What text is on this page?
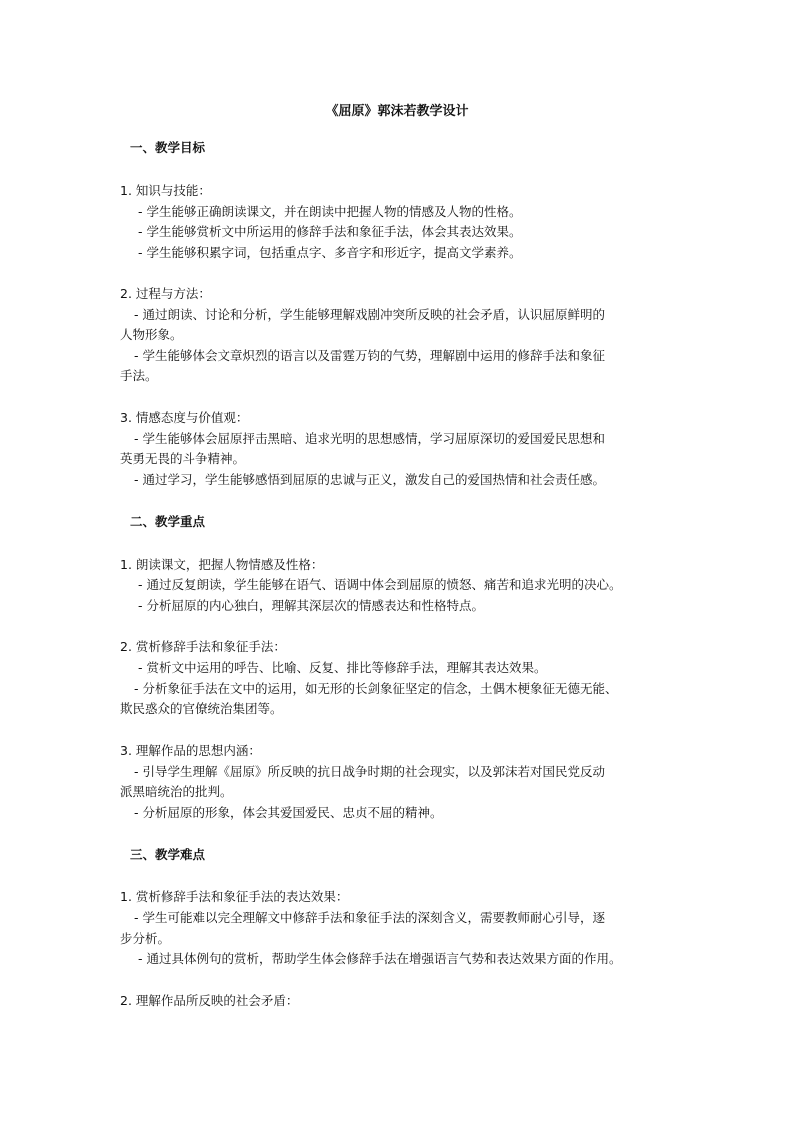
《屈原》郭沫若教学设计
一、教学目标
1. 知识与技能：
- 学生能够正确朗读课文，并在朗读中把握人物的情感及人物的性格。
- 学生能够赏析文中所运用的修辞手法和象征手法，体会其表达效果。
- 学生能够积累字词，包括重点字、多音字和形近字，提高文学素养。
2. 过程与方法：
- 通过朗读、讨论和分析，学生能够理解戏剧冲突所反映的社会矛盾，认识屈原鲜明的
人物形象。
- 学生能够体会文章炽烈的语言以及雷霆万钧的气势，理解剧中运用的修辞手法和象征
手法。
3. 情感态度与价值观：
- 学生能够体会屈原抨击黑暗、追求光明的思想感情，学习屈原深切的爱国爱民思想和
英勇无畏的斗争精神。
- 通过学习，学生能够感悟到屈原的忠诚与正义，激发自己的爱国热情和社会责任感。
二、教学重点
1. 朗读课文，把握人物情感及性格：
- 通过反复朗读，学生能够在语气、语调中体会到屈原的愤怒、痛苦和追求光明的决心。
- 分析屈原的内心独白，理解其深层次的情感表达和性格特点。
2. 赏析修辞手法和象征手法：
- 赏析文中运用的呼告、比喻、反复、排比等修辞手法，理解其表达效果。
- 分析象征手法在文中的运用，如无形的长剑象征坚定的信念，土偶木梗象征无德无能、
欺民惑众的官僚统治集团等。
3. 理解作品的思想内涵：
- 引导学生理解《屈原》所反映的抗日战争时期的社会现实，以及郭沫若对国民党反动
派黑暗统治的批判。
- 分析屈原的形象，体会其爱国爱民、忠贞不屈的精神。
三、教学难点
1. 赏析修辞手法和象征手法的表达效果：
- 学生可能难以完全理解文中修辞手法和象征手法的深刻含义，需要教师耐心引导，逐
步分析。
- 通过具体例句的赏析，帮助学生体会修辞手法在增强语言气势和表达效果方面的作用。
2. 理解作品所反映的社会矛盾：
